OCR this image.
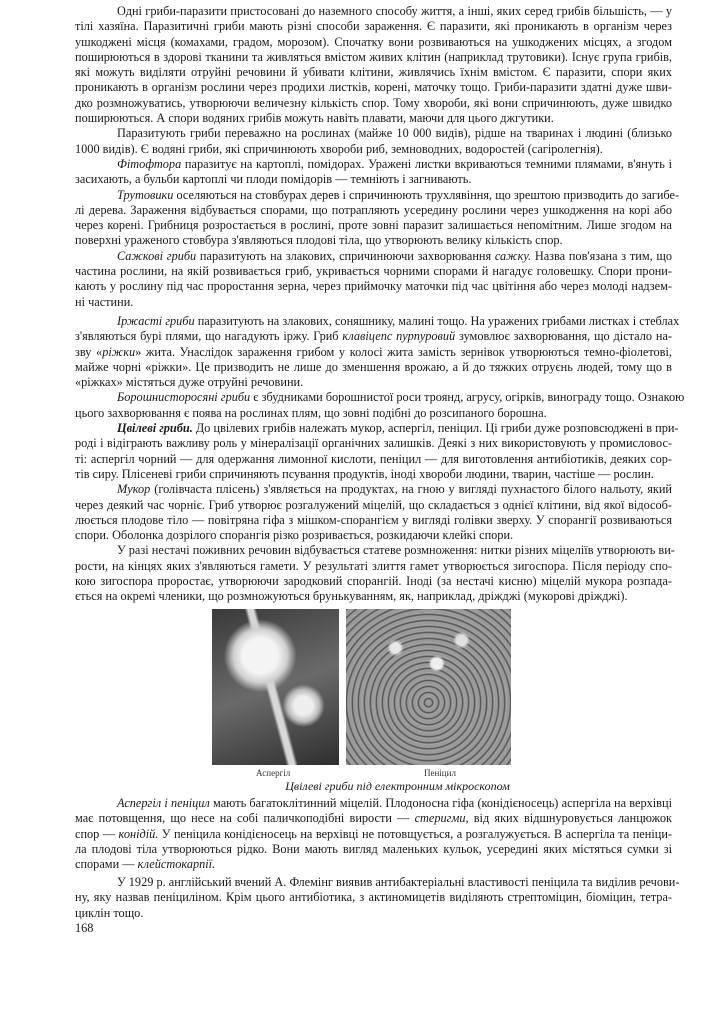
Одні гриби-паразити пристосовані до наземного способу життя, а інші, яких серед грибів більшість, — у
тілі хазяїна. Паразитичні гриби мають різні способи зараження. Є паразити, які проникають в організм через
ушкоджені місця (комахами, градом, морозом). Спочатку вони розвиваються на ушкоджених місцях, а згодом
поширюються в здорові тканини та живляться вмістом живих клітин (наприклад трутовики). Існує група грибів,
які можуть виділяти отруйні речовини й убивати клітини, живлячись їхнім вмістом. Є паразити, спори яких
проникають в організм рослини через продихи листків, корені, маточку тощо. Гриби-паразити здатні дуже шви-
дко розмножуватись, утворюючи величезну кількість спор. Тому хвороби, які вони спричинюють, дуже швидко
поширюються. А спори водяних грибів можуть навіть плавати, маючи для цього джгутики.
Паразитують гриби переважно на рослинах (майже 10 000 видів), рідше на тваринах і людині (близько
1000 видів). Є водяні гриби, які спричинюють хвороби риб, земноводних, водоростей (сагіролегнія).
Фітофтора паразитує на картоплі, помідорах. Уражені листки вкриваються темними плямами, в'януть і
засихають, а бульби картоплі чи плоди помідорів — темніють і загнивають.
Трутовики оселяються на стовбурах дерев і спричинюють трухлявіння, що зрештою призводить до загибе-
лі дерева. Зараження відбувається спорами, що потрапляють усередину рослини через ушкодження на корі або
через корені. Грибниця розростається в рослині, проте зовні паразит залишається непомітним. Лише згодом на
поверхні ураженого стовбура з'являються плодові тіла, що утворюють велику кількість спор.
Сажкові гриби паразитують на злакових, спричинюючи захворювання сажку. Назва пов'язана з тим, що
частина рослини, на якій розвивається гриб, укривається чорними спорами й нагадує головешку. Спори прони-
кають у рослину під час проростання зерна, через приймочку маточки під час цвітіння або через молоді надзем-
ні частини.
Іржасті гриби паразитують на злакових, соняшнику, малині тощо. На уражених грибами листках і стеблах
з'являються бурі плями, що нагадують іржу. Гриб клавіцепс пурпуровий зумовлює захворювання, що дістало на-
зву «ріжки» жита. Унаслідок зараження грибом у колосі жита замість зернівок утворюються темно-фіолетові,
майже чорні «ріжки». Це призводить не лише до зменшення врожаю, а й до тяжких отруєнь людей, тому що в
«ріжках» містяться дуже отруйні речовини.
Борошнисторосяні гриби є збудниками борошнистої роси троянд, агрусу, огірків, винограду тощо. Ознакою
цього захворювання є поява на рослинах плям, що зовні подібні до розсипаного борошна.
Цвілеві гриби. До цвілевих грибів належать мукор, аспергіл, пеніцил. Ці гриби дуже розповсюджені в при-
роді і відіграють важливу роль у мінералізації органічних залишків. Деякі з них використовують у промисловос-
ті: аспергіл чорний — для одержання лимонної кислоти, пеніцил — для виготовлення антибіотиків, деяких сор-
тів сиру. Плісеневі гриби спричиняють псування продуктів, іноді хвороби людини, тварин, частіше — рослин.
Мукор (голівчаста плісень) з'являється на продуктах, на гною у вигляді пухнастого білого нальоту, який
через деякий час чорніє. Гриб утворює розгалужений міцелій, що складається з однієї клітини, від якої відособ-
люється плодове тіло — повітряна гіфа з мішком-спорангієм у вигляді голівки зверху. У спорангії розвиваються
спори. Оболонка дозрілого спорангія різко розривається, розкидаючи клейкі спори.
У разі нестачі поживних речовин відбувається статеве розмноження: нитки різних міцеліїв утворюють ви-
рости, на кінцях яких з'являються гамети. У результаті злиття гамет утворюється зигоспора. Після періоду спо-
кою зигоспора проростає, утворюючи зародковий спорангій. Іноді (за нестачі кисню) міцелій мукора розпада-
ється на окремі членики, що розмножуються брунькуванням, як, наприклад, дріжджі (мукорові дріжджі).
Аспергіл	Пеніцил
Цвілеві гриби під електронним мікроскопом
Аспергіл і пеніцил мають багатоклітинний міцелій. Плодоносна гіфа (конідієносець) аспергіла на верхівці
має потовщення, що несе на собі паличкоподібні вирости — стеригми, від яких відшнуровується ланцюжок
спор — конідій. У пеніцила конідієносець на верхівці не потовщується, а розгалужується. В аспергіла та пеніци-
ла плодові тіла утворюються рідко. Вони мають вигляд маленьких кульок, усередині яких містяться сумки зі
спорами — клейстокарпії.
У 1929 р. англійський вчений А. Флемінг виявив антибактеріальні властивості пеніцила та виділив речови-
ну, яку назвав пеніциліном. Крім цього антибіотика, з актиномицетів виділяють стрептоміцин, біоміцин, тетра-
циклін тощо.
168
